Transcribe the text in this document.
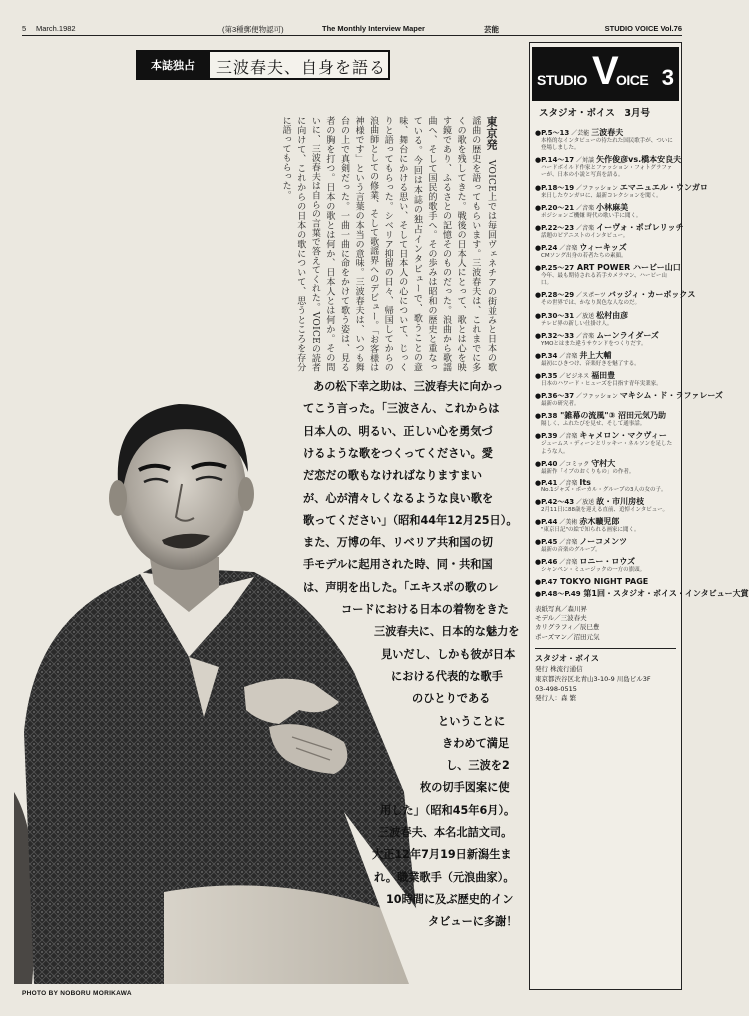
5 March.1982	(第3種郵便物認可)	The Monthly Interview Maper	芸能	STUDIO VOICE Vol.76
本誌独占	三波春夫、自身を語る
東京発　VOICE上では毎回ヴェネチアの街並みと日本の歌謡曲の歴史を語ってもらいます。三波春夫は、これまでに多くの歌を残してきた。戦後の日本人にとって、歌とは心を映す鏡であり、ふるさとの記憶そのものだった。浪曲から歌謡曲へ、そして国民的歌手へ。その歩みは昭和の歴史と重なっている。今回は本誌の独占インタビューで、歌うことの意味、舞台にかける思い、そして日本人の心について、じっくりと語ってもらった。シベリア抑留の日々、帰国してからの浪曲師としての修業、そして歌謡界へのデビュー。「お客様は神様です」という言葉の本当の意味。三波春夫は、いつも舞台の上で真剣だった。一曲一曲に命をかけて歌う姿は、見る者の胸を打つ。日本の歌とは何か、日本人とは何か。その問いに、三波春夫は自らの言葉で答えてくれた。VOICEの読者に向けて、これからの日本の歌について、思うところを存分に語ってもらった。
PHOTO BY NOBORU MORIKAWA
あの松下幸之助は、三波春夫に向かっ
てこう言った。「三波さん、これからは
日本人の、明るい、正しい心を勇気づ
けるような歌をつくってください。愛
だ恋だの歌もなければなりますまい
が、心が清々しくなるような良い歌を
歌ってください」（昭和44年12月25日）。
また、万博の年、リベリア共和国の切
手モデルに起用された時、同・共和国
は、声明を出した。「エキスポの歌のレ
コードにおける日本の着物をきた
三波春夫に、日本的な魅力を
見いだし、しかも彼が日本
における代表的な歌手
のひとりである
ということに
きわめて満足
し、三波を2
枚の切手図案に使
用した」（昭和45年6月）。
三波春夫、本名北詰文司。
大正12年7月19日新潟生ま
れ。職業歌手（元浪曲家）。
10時間に及ぶ歴史的イン
タビューに多謝！
STUDIO V
OICE 3
スタジオ・ボイス　3月号
●P.5〜13 ／芸能 三波春夫
本格的なインタビューの待たれた国民歌手が、ついに登場しました。
●P.14〜17 ／対談 矢作俊彦vs.橋本安良夫
ハードボイルド作家とファッション・フォトグラファーが、日本の小説と写真を語る。
●P.18〜19 ／ファッション エマニュエル・ウンガロ
来日したウンガロに、最新コレクションを聞く。
●P.20〜21 ／音楽 小林麻美
ポジションご機嫌 時代の歌い手に聞く。
●P.22〜23 ／音楽 イーヴォ・ポゴレリッチ
話題のピアニストのインタビュー。
●P.24 ／音楽 ウィーキッズ
CMソング出身の若者たちの素顔。
●P.25〜27 ART POWER ハービー山口
今年、最も期待される若手カメラマン、ハービー山口。
●P.28〜29 ／スポーツ バッジィ・カーボックス
その世界では、かなり異色な人なのだ。
●P.30〜31 ／放送 松村由彦
テレビ界の新しい仕掛け人。
●P.32〜33 ／音楽 ムーンライダーズ
YMOとはまた違うサウンドをつくりだす。
●P.34 ／音楽 井上大輔
最初にひきつけ、音楽好きを魅了する。
●P.35 ／ビジネス 福田豊
日本のハワード・ヒューズを目指す青年実業家。
●P.36〜37 ／ファッション マキシム・ド・ラファレーズ
最新の研究者。
●P.38 "雑幕の流風"③ 沼田元気乃助
隔しく、ふれたびを見せ、そして通事話。
●P.39 ／音楽 キャメロン・マクヴィー
ジェームス・ディーンとリッキー・ネルソンを足したような人。
●P.40 ／コミック 守村大
最新作「イブのおくりもの」の作者。
●P.41 ／音楽 Its
No.1ジャズ・ボーカル・グループの3人の女の子。
●P.42〜43 ／放送 故・市川房枝
2月11日に88歳を迎える直前、追悼インタビュー。
●P.44 ／美術 赤木曠児郎
"東京日記"の絵で知られる画家に聞く。
●P.45 ／音楽 ノーコメンツ
最新の音楽のグループ。
●P.46 ／音楽 ロニー・ロウズ
シャンペン・ミュージックの一方の旗頭。
●P.47 TOKYO NIGHT PAGE
●P.48〜P.49 第1回・スタジオ・ボイス・インタビュー大賞
表紙写真／森川昇
モデル／三波春夫
カリグラフィ／辰巳豊
ポーズマン／沼田元気
スタジオ・ボイス
発行 株流行通信
東京都渋谷区北青山3-10-9 川島ビル3F
03-498-0515
発行人：森 繁
